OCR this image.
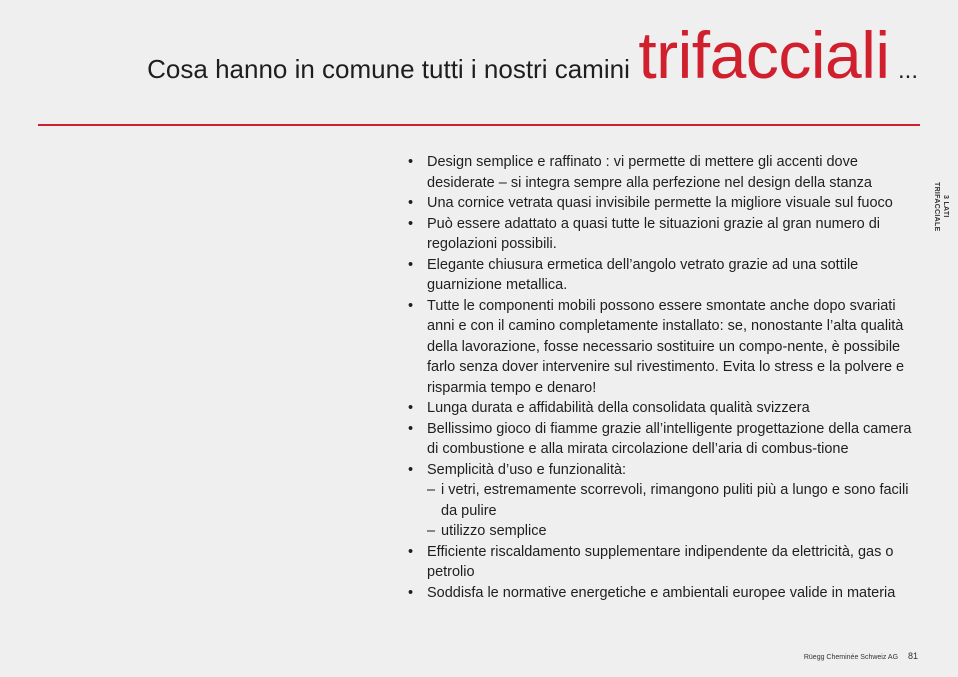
Cosa hanno in comune tutti i nostri camini trifacciali ...
3 LATI
TRIFACCIALE
• Design semplice e raffinato : vi permette di mettere gli accenti dove desiderate – si integra sempre alla perfezione nel design della stanza
• Una cornice vetrata quasi invisibile permette la migliore visuale sul fuoco
• Può essere adattato a quasi tutte le situazioni grazie al gran numero di regolazioni possibili.
• Elegante chiusura ermetica dell’angolo vetrato grazie ad una sottile guarnizione metallica.
• Tutte le componenti mobili possono essere smontate anche dopo svariati anni e con il camino completamente installato: se, nonostante l’alta qualità della lavorazione, fosse necessario sostituire un compo-nente, è possibile farlo senza dover intervenire sul rivestimento. Evita lo stress e la polvere e risparmia tempo e denaro!
• Lunga durata e affidabilità della consolidata qualità svizzera
• Bellissimo gioco di fiamme grazie all’intelligente progettazione della camera di combustione e alla mirata circolazione dell’aria di combus-tione
• Semplicità d’uso e funzionalità:
– i vetri, estremamente scorrevoli, rimangono puliti più a lungo e sono facili da pulire
– utilizzo semplice
• Efficiente riscaldamento supplementare indipendente da elettricità, gas o petrolio
• Soddisfa le normative energetiche e ambientali europee valide in materia
Rüegg Cheminée Schweiz AG 81
